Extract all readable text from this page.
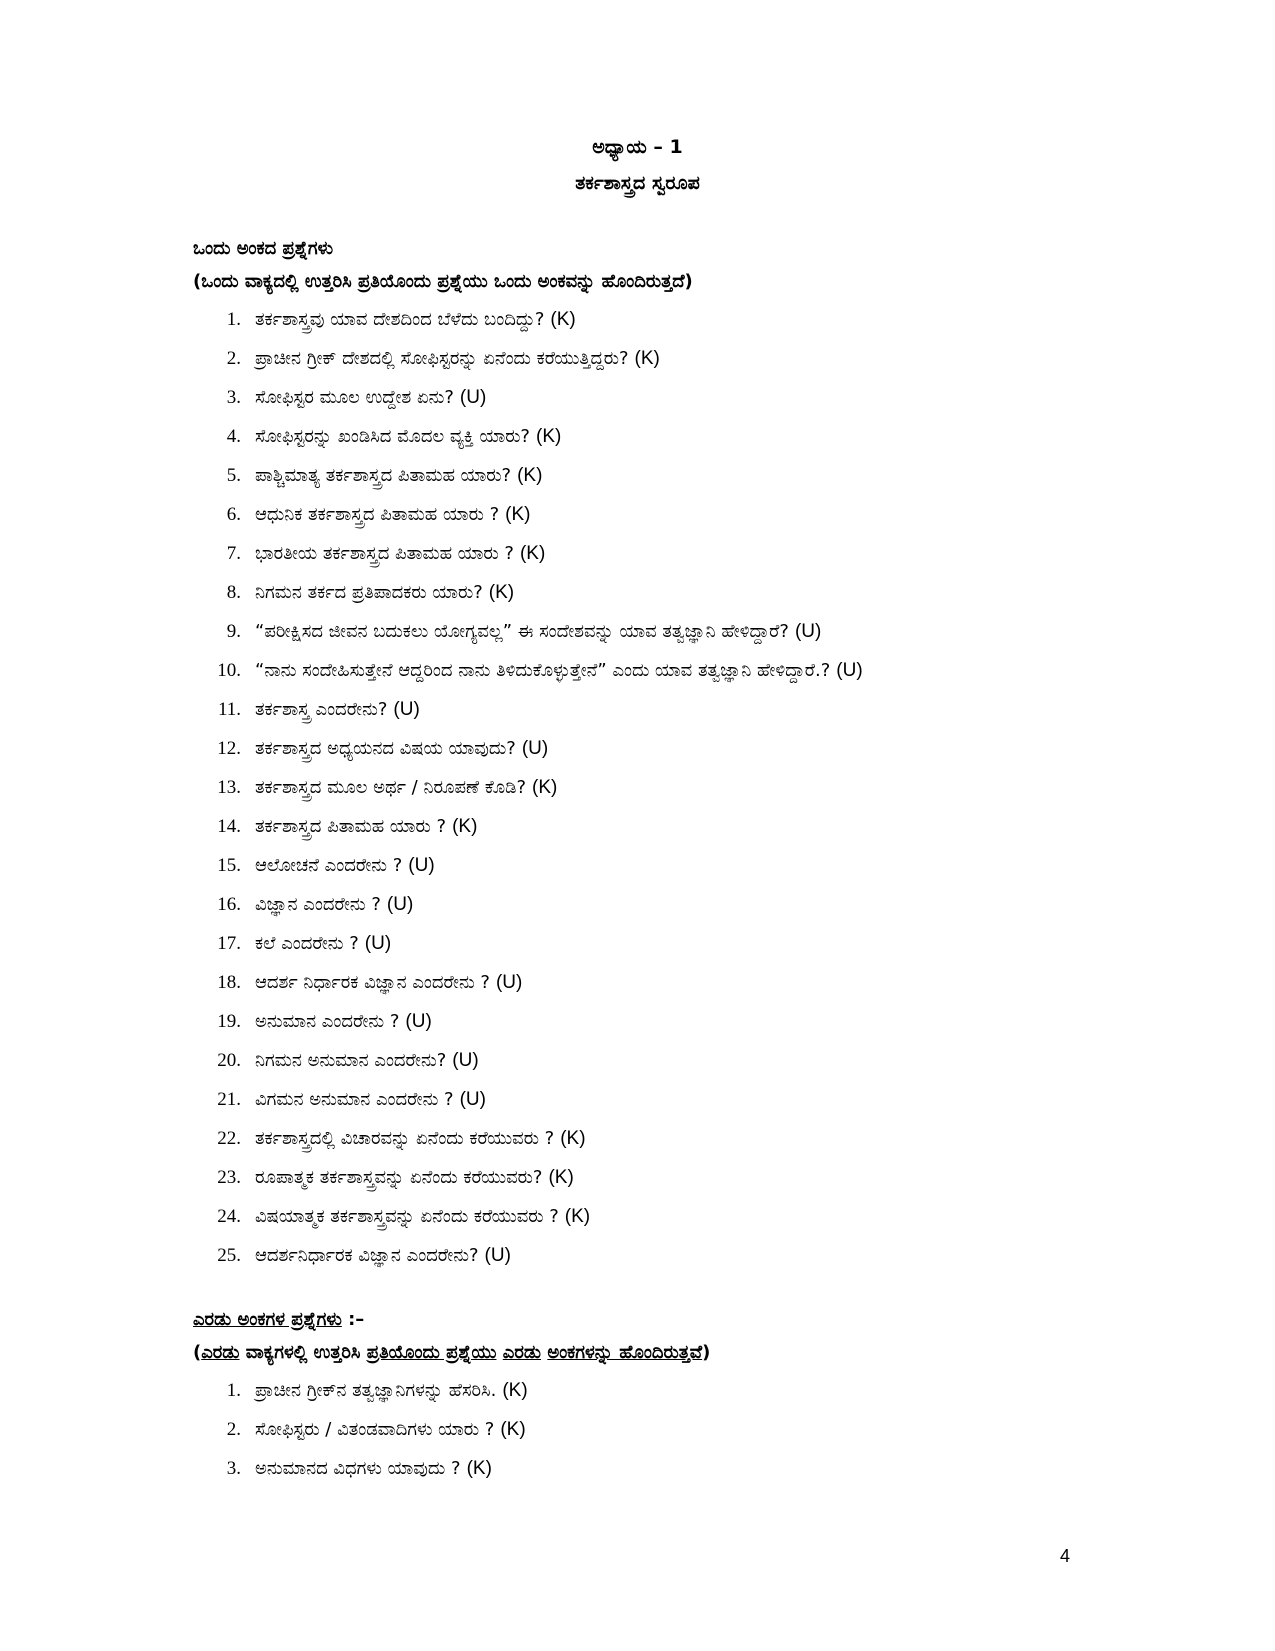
ಅಧ್ಯಾಯ – 1
ತರ್ಕಶಾಸ್ತ್ರದ ಸ್ವರೂಪ
ಒಂದು ಅಂಕದ ಪ್ರಶ್ನೆಗಳು
(ಒಂದು ವಾಕ್ಯದಲ್ಲಿ ಉತ್ತರಿಸಿ ಪ್ರತಿಯೊಂದು ಪ್ರಶ್ನೆಯು ಒಂದು ಅಂಕವನ್ನು ಹೊಂದಿರುತ್ತದೆ)
1. ತರ್ಕಶಾಸ್ತ್ರವು ಯಾವ ದೇಶದಿಂದ ಬೆಳೆದು ಬಂದಿದ್ದು? (K)
2. ಪ್ರಾಚೀನ ಗ್ರೀಕ್ ದೇಶದಲ್ಲಿ ಸೋಫಿಸ್ಟರನ್ನು ಏನೆಂದು ಕರೆಯುತ್ತಿದ್ದರು? (K)
3. ಸೋಫಿಸ್ಟರ ಮೂಲ ಉದ್ದೇಶ ಏನು? (U)
4. ಸೋಫಿಸ್ಟರನ್ನು ಖಂಡಿಸಿದ ಮೊದಲ ವ್ಯಕ್ತಿ ಯಾರು? (K)
5. ಪಾಶ್ಚಿಮಾತ್ಯ ತರ್ಕಶಾಸ್ತ್ರದ ಪಿತಾಮಹ ಯಾರು? (K)
6. ಆಧುನಿಕ ತರ್ಕಶಾಸ್ತ್ರದ ಪಿತಾಮಹ ಯಾರು ? (K)
7. ಭಾರತೀಯ ತರ್ಕಶಾಸ್ತ್ರದ ಪಿತಾಮಹ ಯಾರು ? (K)
8. ನಿಗಮನ ತರ್ಕದ ಪ್ರತಿಪಾದಕರು ಯಾರು? (K)
9. “ಪರೀಕ್ಷಿಸದ ಜೀವನ ಬದುಕಲು ಯೋಗ್ಯವಲ್ಲ” ಈ ಸಂದೇಶವನ್ನು ಯಾವ ತತ್ವಜ್ಞಾನಿ ಹೇಳಿದ್ದಾರೆ? (U)
10. “ನಾನು ಸಂದೇಹಿಸುತ್ತೇನೆ ಆದ್ದರಿಂದ ನಾನು ತಿಳಿದುಕೊಳ್ಳುತ್ತೇನೆ” ಎಂದು ಯಾವ ತತ್ವಜ್ಞಾನಿ ಹೇಳಿದ್ದಾರೆ.? (U)
11. ತರ್ಕಶಾಸ್ತ್ರ ಎಂದರೇನು? (U)
12. ತರ್ಕಶಾಸ್ತ್ರದ ಅಧ್ಯಯನದ ವಿಷಯ ಯಾವುದು? (U)
13. ತರ್ಕಶಾಸ್ತ್ರದ ಮೂಲ ಅರ್ಥ / ನಿರೂಪಣೆ ಕೊಡಿ? (K)
14. ತರ್ಕಶಾಸ್ತ್ರದ ಪಿತಾಮಹ ಯಾರು ? (K)
15. ಆಲೋಚನೆ ಎಂದರೇನು ? (U)
16. ವಿಜ್ಞಾನ ಎಂದರೇನು ? (U)
17. ಕಲೆ ಎಂದರೇನು ? (U)
18. ಆದರ್ಶ ನಿರ್ಧಾರಕ ವಿಜ್ಞಾನ ಎಂದರೇನು ? (U)
19. ಅನುಮಾನ ಎಂದರೇನು ? (U)
20. ನಿಗಮನ ಅನುಮಾನ ಎಂದರೇನು? (U)
21. ವಿಗಮನ ಅನುಮಾನ ಎಂದರೇನು ? (U)
22. ತರ್ಕಶಾಸ್ತ್ರದಲ್ಲಿ ವಿಚಾರವನ್ನು ಏನೆಂದು ಕರೆಯುವರು ? (K)
23. ರೂಪಾತ್ಮಕ ತರ್ಕಶಾಸ್ತ್ರವನ್ನು ಏನೆಂದು ಕರೆಯುವರು? (K)
24. ವಿಷಯಾತ್ಮಕ ತರ್ಕಶಾಸ್ತ್ರವನ್ನು ಏನೆಂದು ಕರೆಯುವರು ? (K)
25. ಆದರ್ಶನಿರ್ಧಾರಕ ವಿಜ್ಞಾನ ಎಂದರೇನು? (U)
ಎರಡು ಅಂಕಗಳ ಪ್ರಶ್ನೆಗಳು :–
(ಎರಡು ವಾಕ್ಯಗಳಲ್ಲಿ ಉತ್ತರಿಸಿ ಪ್ರತಿಯೊಂದು ಪ್ರಶ್ನೆಯು ಎರಡು ಅಂಕಗಳನ್ನು ಹೊಂದಿರುತ್ತವೆ)
1. ಪ್ರಾಚೀನ ಗ್ರೀಕ್‌ನ ತತ್ವಜ್ಞಾನಿಗಳನ್ನು ಹೆಸರಿಸಿ. (K)
2. ಸೋಫಿಸ್ಟರು / ವಿತಂಡವಾದಿಗಳು ಯಾರು ? (K)
3. ಅನುಮಾನದ ವಿಧಗಳು ಯಾವುದು ? (K)
4
